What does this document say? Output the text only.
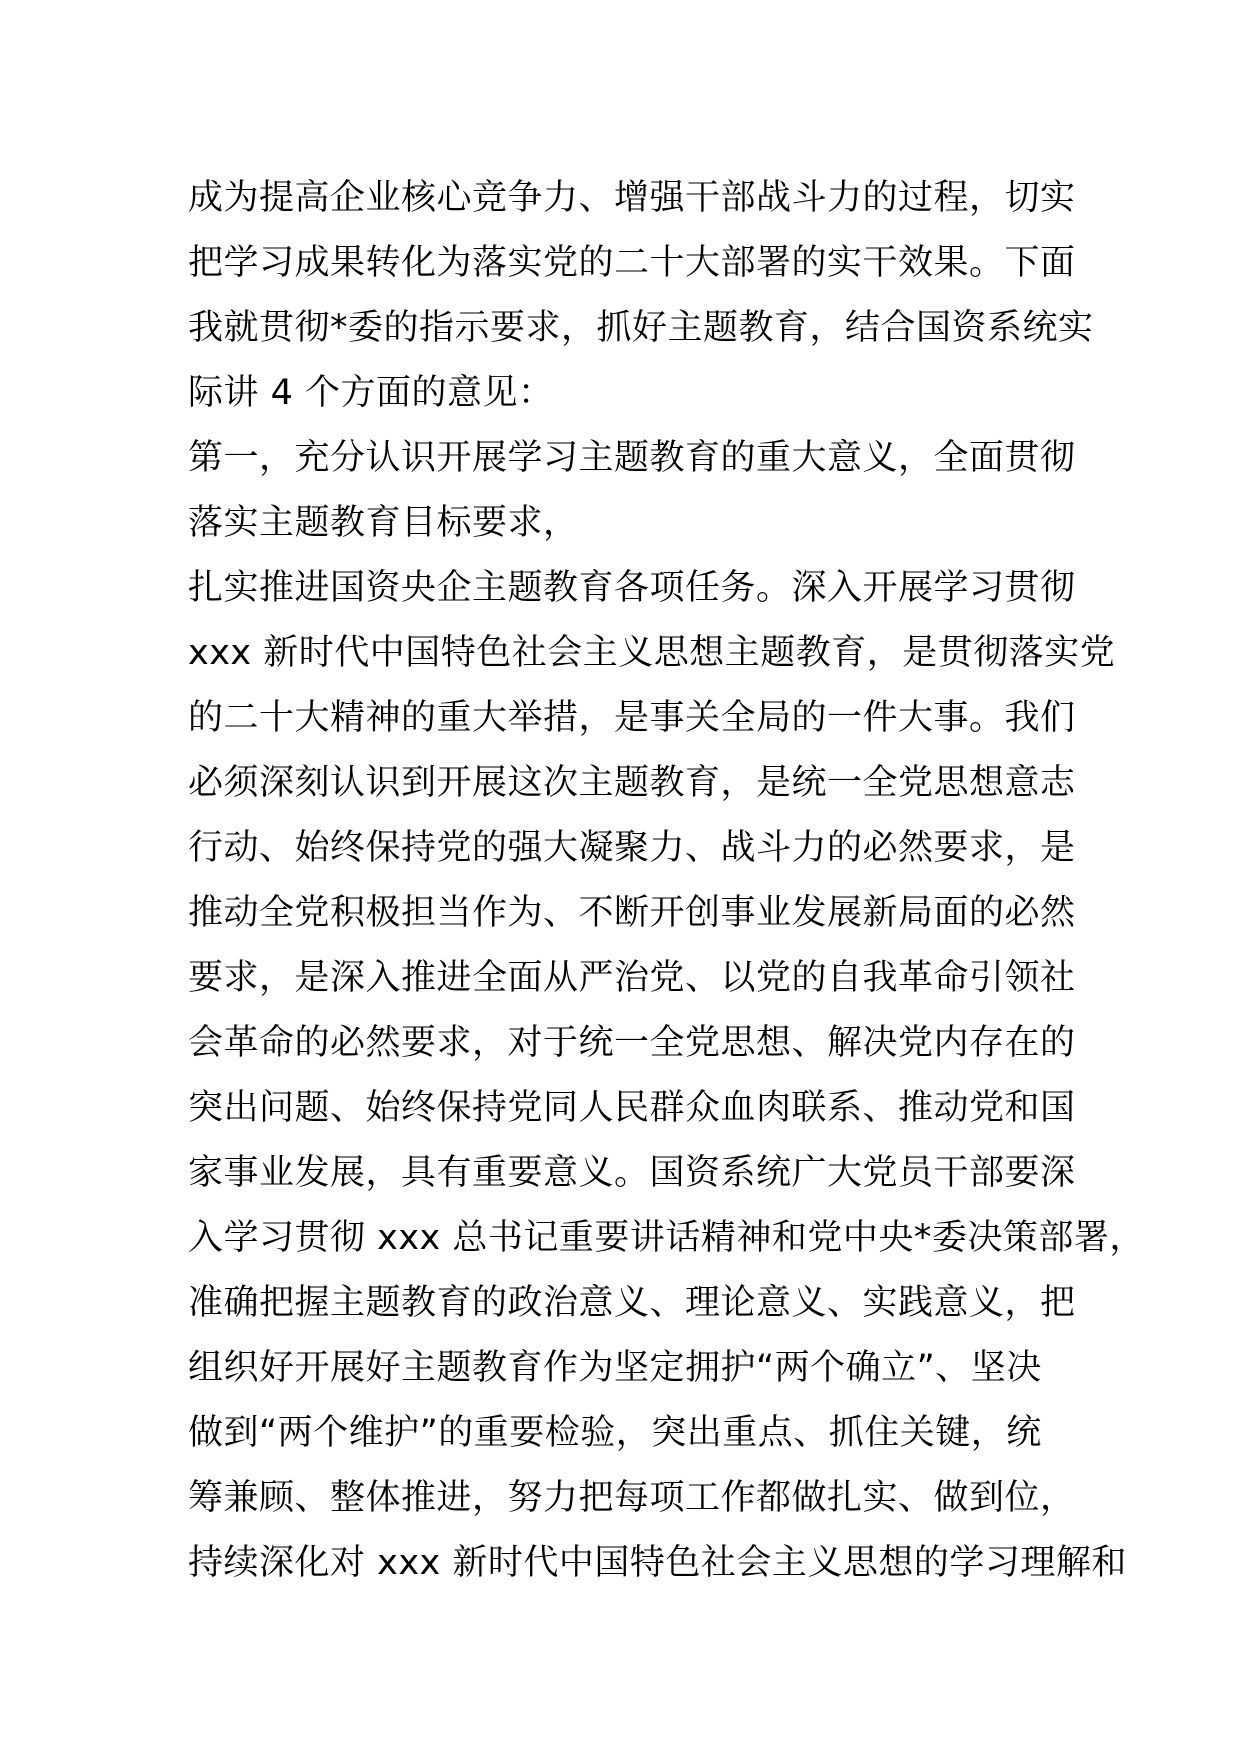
成为提高企业核心竞争力、增强干部战斗力的过程，切实
把学习成果转化为落实党的二十大部署的实干效果。下面
我就贯彻*委的指示要求，抓好主题教育，结合国资系统实
际讲 4 个方面的意见：
第一，充分认识开展学习主题教育的重大意义，全面贯彻
落实主题教育目标要求，
扎实推进国资央企主题教育各项任务。深入开展学习贯彻
xxx 新时代中国特色社会主义思想主题教育，是贯彻落实党
的二十大精神的重大举措，是事关全局的一件大事。我们
必须深刻认识到开展这次主题教育，是统一全党思想意志
行动、始终保持党的强大凝聚力、战斗力的必然要求，是
推动全党积极担当作为、不断开创事业发展新局面的必然
要求，是深入推进全面从严治党、以党的自我革命引领社
会革命的必然要求，对于统一全党思想、解决党内存在的
突出问题、始终保持党同人民群众血肉联系、推动党和国
家事业发展，具有重要意义。国资系统广大党员干部要深
入学习贯彻 xxx 总书记重要讲话精神和党中央*委决策部署，
准确把握主题教育的政治意义、理论意义、实践意义，把
组织好开展好主题教育作为坚定拥护“两个确立”、坚决
做到“两个维护”的重要检验，突出重点、抓住关键，统
筹兼顾、整体推进，努力把每项工作都做扎实、做到位，
持续深化对 xxx 新时代中国特色社会主义思想的学习理解和
